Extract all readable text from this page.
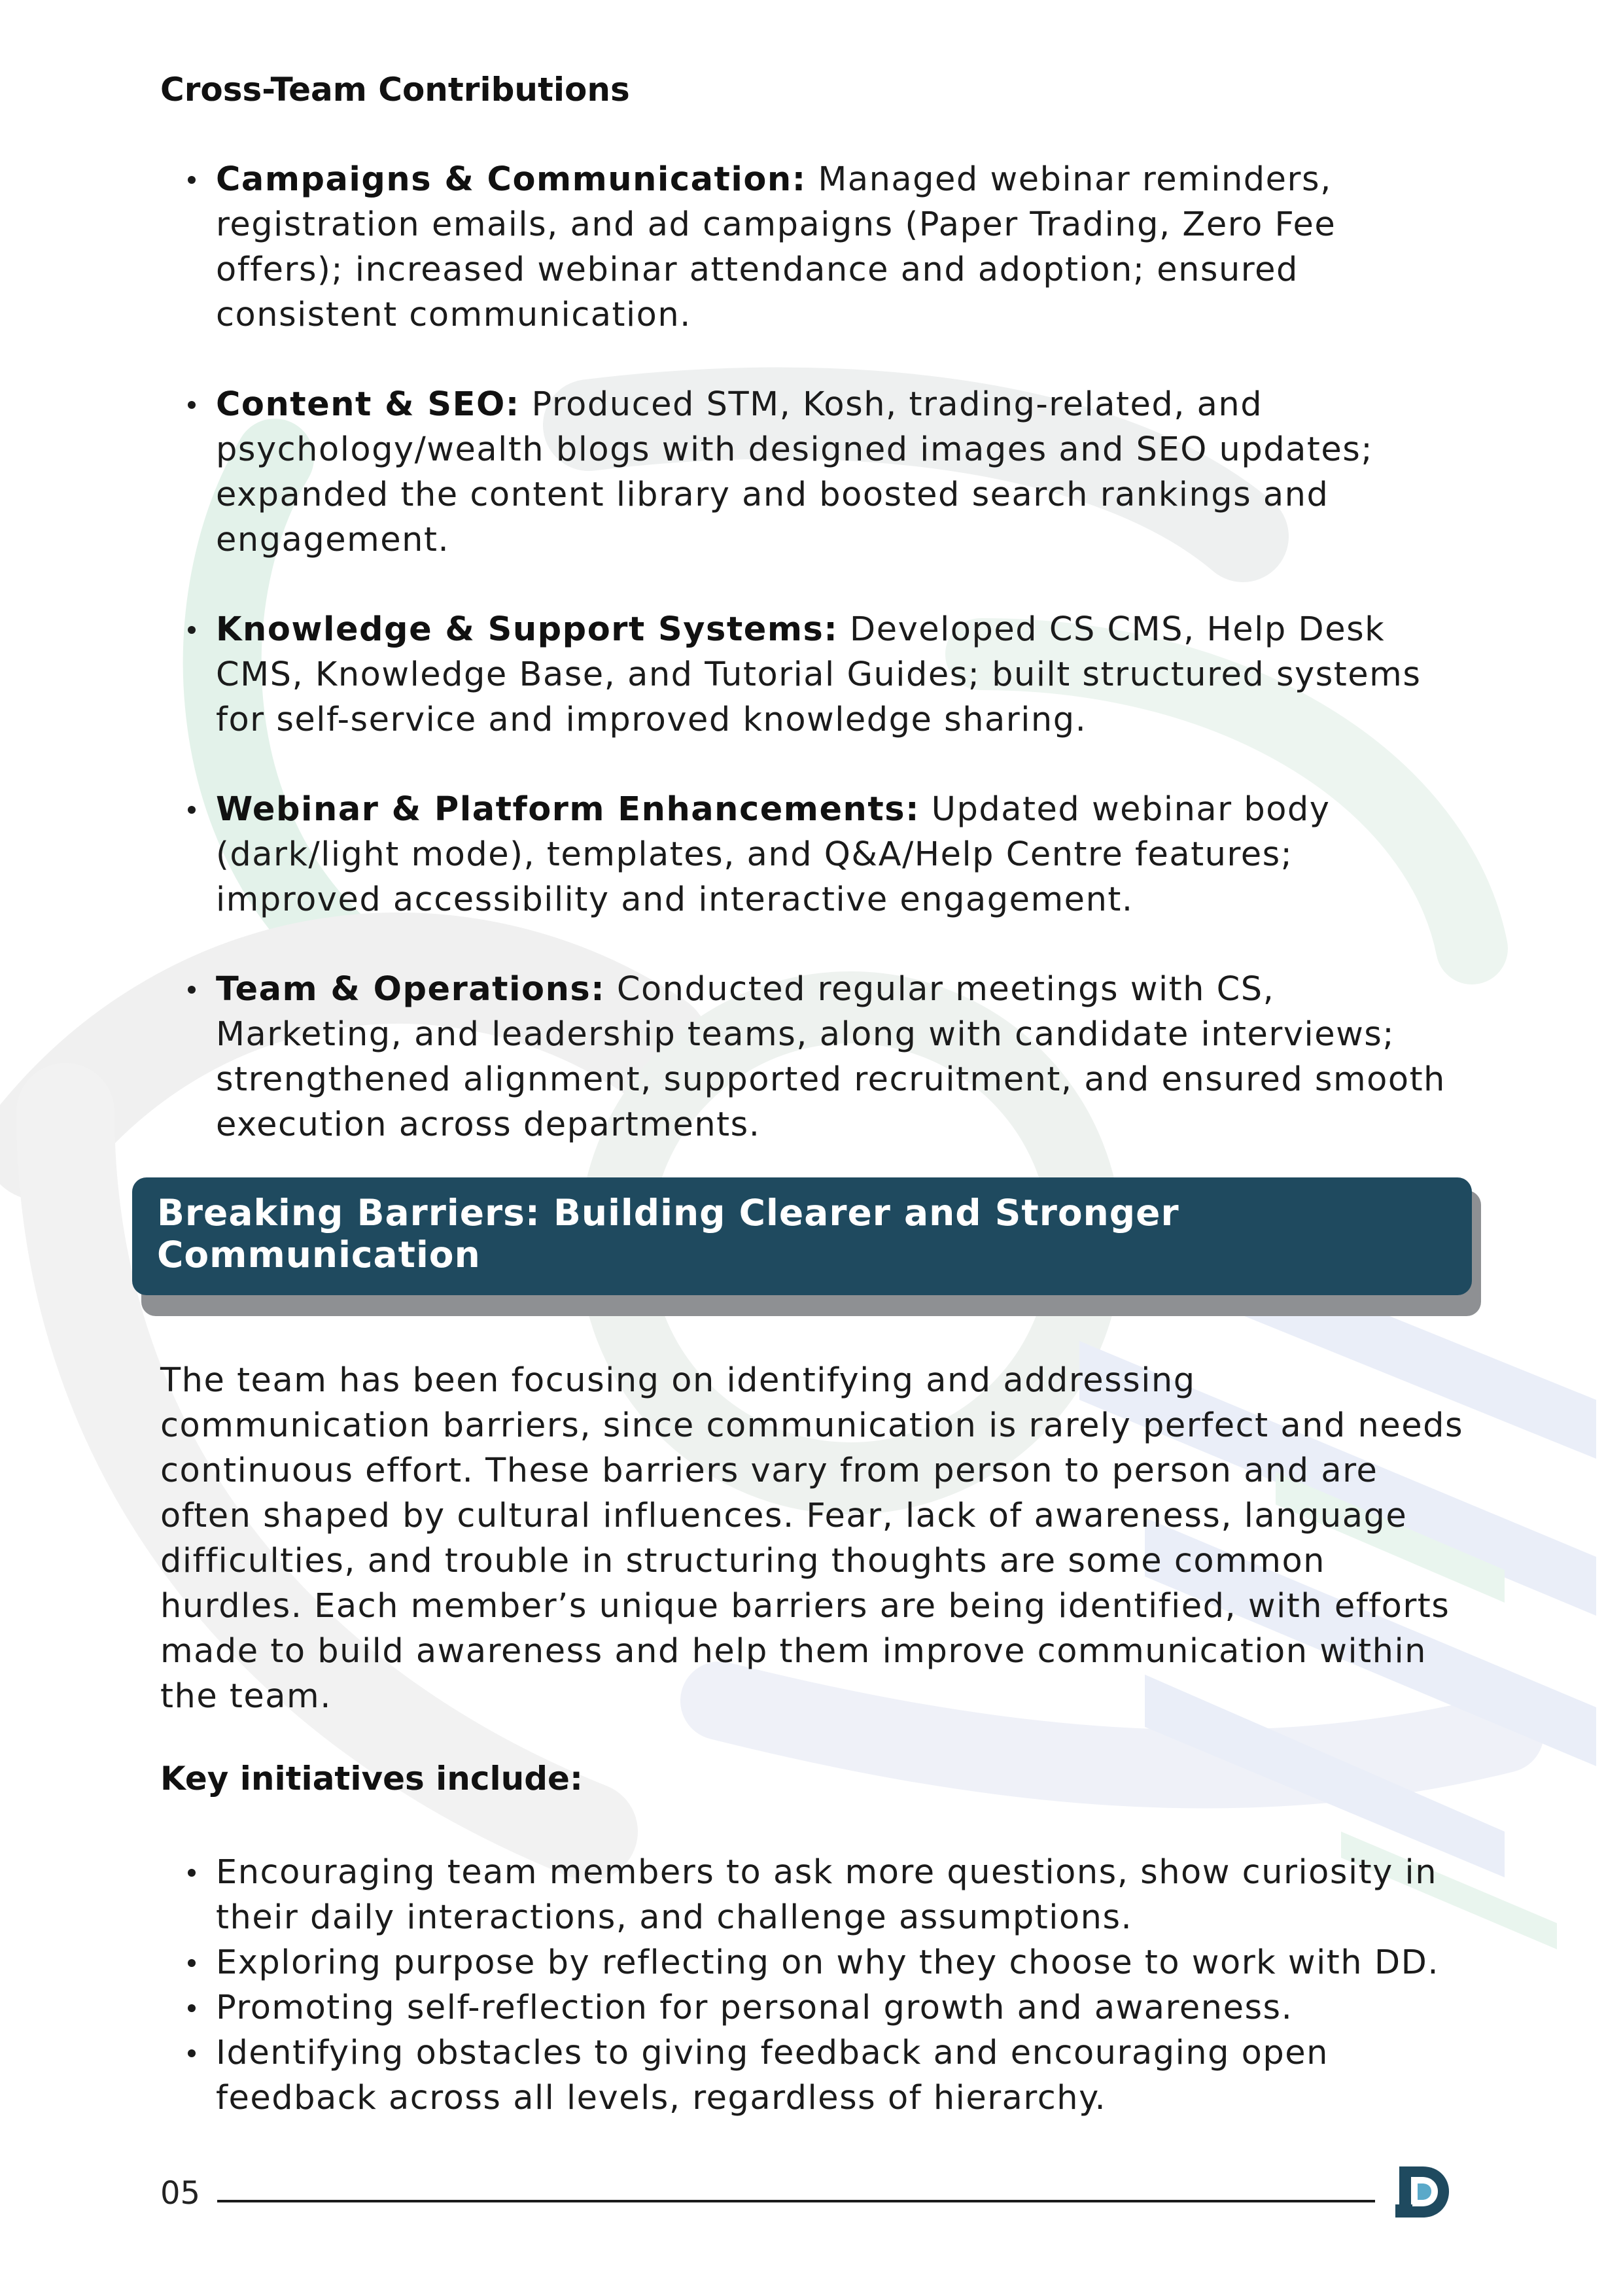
Cross-Team Contributions
Campaigns & Communication: Managed webinar reminders, registration emails, and ad campaigns (Paper Trading, Zero Fee offers); increased webinar attendance and adoption; ensured consistent communication.
Content & SEO: Produced STM, Kosh, trading-related, and psychology/wealth blogs with designed images and SEO updates; expanded the content library and boosted search rankings and engagement.
Knowledge & Support Systems: Developed CS CMS, Help Desk CMS, Knowledge Base, and Tutorial Guides; built structured systems for self-service and improved knowledge sharing.
Webinar & Platform Enhancements: Updated webinar body (dark/light mode), templates, and Q&A/Help Centre features; improved accessibility and interactive engagement.
Team & Operations: Conducted regular meetings with CS, Marketing, and leadership teams, along with candidate interviews; strengthened alignment, supported recruitment, and ensured smooth execution across departments.
Breaking Barriers: Building Clearer and Stronger Communication

The team has been focusing on identifying and addressing communication barriers, since communication is rarely perfect and needs continuous effort. These barriers vary from person to person and are often shaped by cultural influences. Fear, lack of awareness, language difficulties, and trouble in structuring thoughts are some common hurdles. Each member’s unique barriers are being identified, with efforts made to build awareness and help them improve communication within the team.

Key initiatives include:
Encouraging team members to ask more questions, show curiosity in their daily interactions, and challenge assumptions.
Exploring purpose by reflecting on why they choose to work with DD.
Promoting self-reflection for personal growth and awareness.
Identifying obstacles to giving feedback and encouraging open feedback across all levels, regardless of hierarchy.
05
